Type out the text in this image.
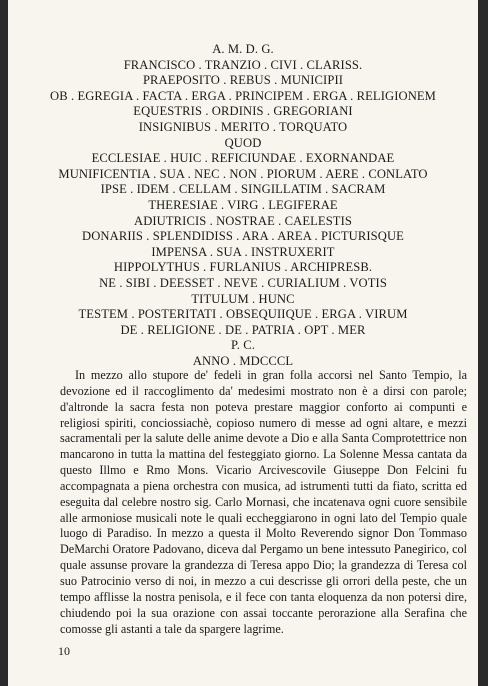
A. M. D. G.
FRANCISCO . TRANZIO . CIVI . CLARISS.
PRAEPOSITO . REBUS . MUNICIPII
OB . EGREGIA . FACTA . ERGA . PRINCIPEM . ERGA . RELIGIONEM
EQUESTRIS . ORDINIS . GREGORIANI
INSIGNIBUS . MERITO . TORQUATO
QUOD
ECCLESIAE . HUIC . REFICIUNDAE . EXORNANDAE
MUNIFICENTIA . SUA . NEC . NON . PIORUM . AERE . CONLATO
IPSE . IDEM . CELLAM . SINGILLATIM . SACRAM
THERESIAE . VIRG . LEGIFERAE
ADIUTRICIS . NOSTRAE . CAELESTIS
DONARIIS . SPLENDIDISS . ARA . AREA . PICTURISQUE
IMPENSA . SUA . INSTRUXERIT
HIPPOLYTHUS . FURLANIUS . ARCHIPRESB.
NE . SIBI . DEESSET . NEVE . CURIALIUM . VOTIS
TITULUM . HUNC
TESTEM . POSTERITATI . OBSEQUIIQUE . ERGA . VIRUM
DE . RELIGIONE . DE . PATRIA . OPT . MER
P. C.
ANNO . MDCCCL

In mezzo allo stupore de' fedeli in gran folla accorsi nel Santo Tempio, la devozione ed il raccoglimento da' medesimi mostrato non è a dirsi con parole; d'altronde la sacra festa non poteva prestare maggior conforto ai compunti e religiosi spiriti, conciossiachè, copioso numero di messe ad ogni altare, e mezzi sacramentali per la salute delle anime devote a Dio e alla Santa Comprotettrice non mancarono in tutta la mattina del festeggiato giorno. La Solenne Messa cantata da questo Illmo e Rmo Mons. Vicario Arcivescovile Giuseppe Don Felcini fu accompagnata a piena orchestra con musica, ad istrumenti tutti da fiato, scritta ed eseguita dal celebre nostro sig. Carlo Mornasi, che incatenava ogni cuore sensibile alle armoniose musicali note le quali eccheggiarono in ogni lato del Tempio quale luogo di Paradiso. In mezzo a questa il Molto Reverendo signor Don Tommaso DeMarchi Oratore Padovano, diceva dal Pergamo un bene intessuto Panegirico, col quale assunse provare la grandezza di Teresa appo Dio; la grandezza di Teresa col suo Patrocinio verso di noi, in mezzo a cui descrisse gli orrori della peste, che un tempo afflisse la nostra penisola, e il fece con tanta eloquenza da non potersi dire, chiudendo poi la sua orazione con assai toccante perorazione alla Serafina che comosse gli astanti a tale da spargere lagrime.

10
